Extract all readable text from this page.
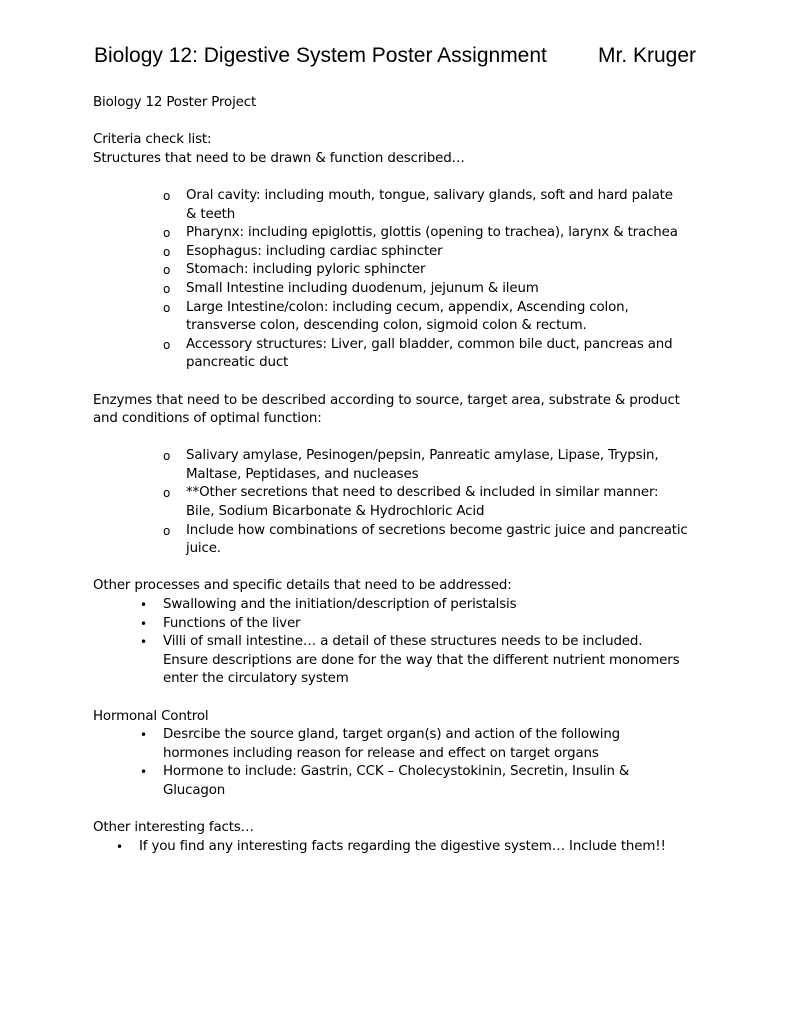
Biology 12: Digestive System Poster Assignment Mr. Kruger

Biology 12 Poster Project

Criteria check list:

Structures that need to be drawn & function described…

o Oral cavity: including mouth, tongue, salivary glands, soft and hard palate
& teeth
o Pharynx: including epiglottis, glottis (opening to trachea), larynx & trachea
o Esophagus: including cardiac sphincter
o Stomach: including pyloric sphincter
o Small Intestine including duodenum, jejunum & ileum
o Large Intestine/colon: including cecum, appendix, Ascending colon,
transverse colon, descending colon, sigmoid colon & rectum.
o Accessory structures: Liver, gall bladder, common bile duct, pancreas and
pancreatic duct

Enzymes that need to be described according to source, target area, substrate & product

and conditions of optimal function:

o Salivary amylase, Pesinogen/pepsin, Panreatic amylase, Lipase, Trypsin,
Maltase, Peptidases, and nucleases
o **Other secretions that need to described & included in similar manner:
Bile, Sodium Bicarbonate & Hydrochloric Acid
o Include how combinations of secretions become gastric juice and pancreatic
juice.

Other processes and specific details that need to be addressed:

• Swallowing and the initiation/description of peristalsis
• Functions of the liver
• Villi of small intestine… a detail of these structures needs to be included.
Ensure descriptions are done for the way that the different nutrient monomers
enter the circulatory system

Hormonal Control

• Desrcibe the source gland, target organ(s) and action of the following
hormones including reason for release and effect on target organs
• Hormone to include: Gastrin, CCK – Cholecystokinin, Secretin, Insulin &
Glucagon

Other interesting facts…

• If you find any interesting facts regarding the digestive system… Include them!!
